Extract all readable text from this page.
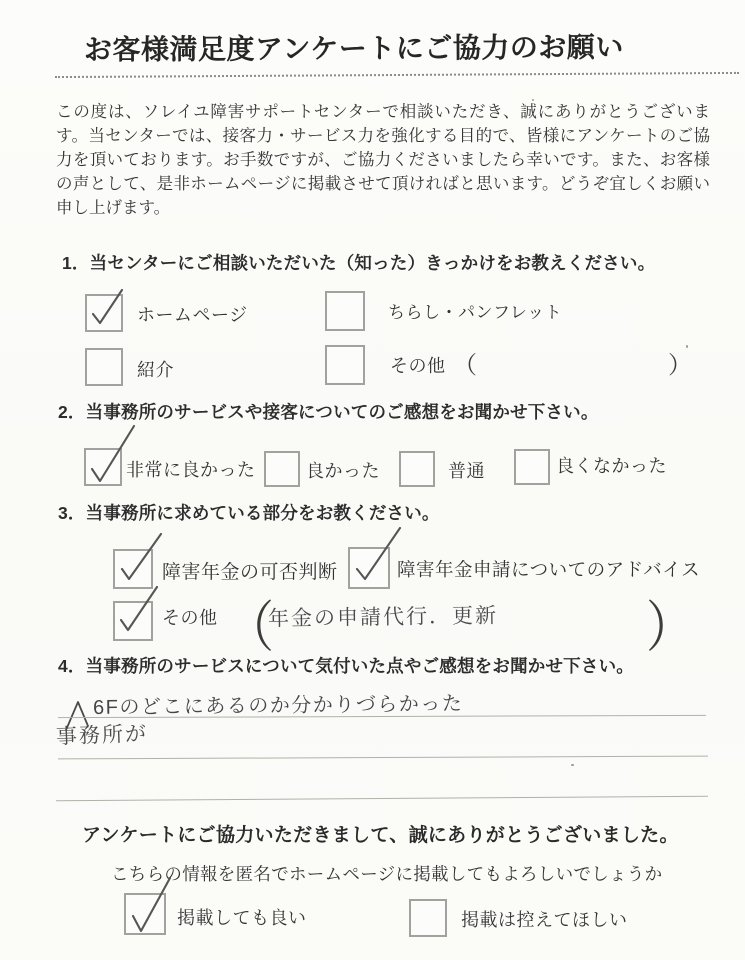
お客様満足度アンケートにご協力のお願い
この度は、ソレイユ障害サポートセンターで相談いただき、誠にありがとうございます。当センターでは、接客力・サービス力を強化する目的で、皆様にアンケートのご協力を頂いております。お手数ですが、ご協力くださいましたら幸いです。また、お客様の声として、是非ホームページに掲載させて頂ければと思います。どうぞ宜しくお願い申し上げます。
1．当センターにご相談いただいた（知った）きっかけをお教えください。
ホームページ	ちらし・パンフレット
紹介	その他 （	）
2．当事務所のサービスや接客についてのご感想をお聞かせ下さい。
非常に良かった	良かった	普通	良くなかった
3．当事務所に求めている部分をお教ください。
障害年金の可否判断	障害年金申請についてのアドバイス
その他 （
年金の申請代行．更新	）
4．当事務所のサービスについて気付いた点やご感想をお聞かせ下さい。
6Fのどこにあるのか分かりづらかった
事務所が
アンケートにご協力いただきまして、誠にありがとうございました。
こちらの情報を匿名でホームページに掲載してもよろしいでしょうか
掲載しても良い	掲載は控えてほしい
